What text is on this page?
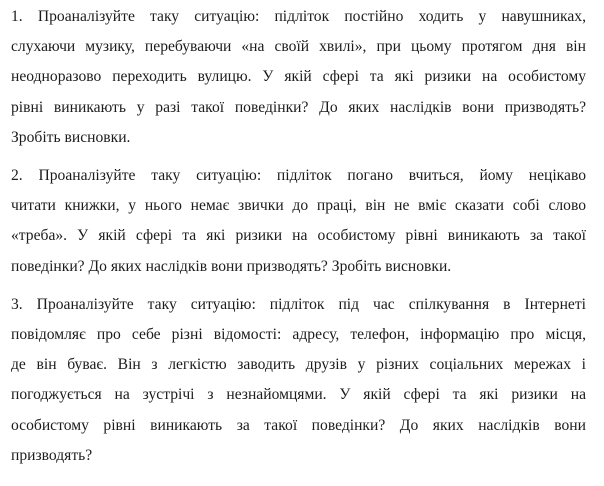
1. Проаналізуйте таку ситуацію: підліток постійно ходить у навушниках,
слухаючи музику, перебуваючи «на своїй хвилі», при цьому протягом дня він
неодноразово переходить вулицю. У якій сфері та які ризики на особистому
рівні виникають у разі такої поведінки? До яких наслідків вони призводять?
Зробіть висновки.

2. Проаналізуйте таку ситуацію: підліток погано вчиться, йому нецікаво
читати книжки, у нього немає звички до праці, він не вміє сказати собі слово
«треба». У якій сфері та які ризики на особистому рівні виникають за такої
поведінки? До яких наслідків вони призводять? Зробіть висновки.

3. Проаналізуйте таку ситуацію: підліток під час спілкування в Інтернеті
повідомляє про себе різні відомості: адресу, телефон, інформацію про місця,
де він буває. Він з легкістю заводить друзів у різних соціальних мережах і
погоджується на зустрічі з незнайомцями. У якій сфері та які ризики на
особистому рівні виникають за такої поведінки? До яких наслідків вони
призводять?
